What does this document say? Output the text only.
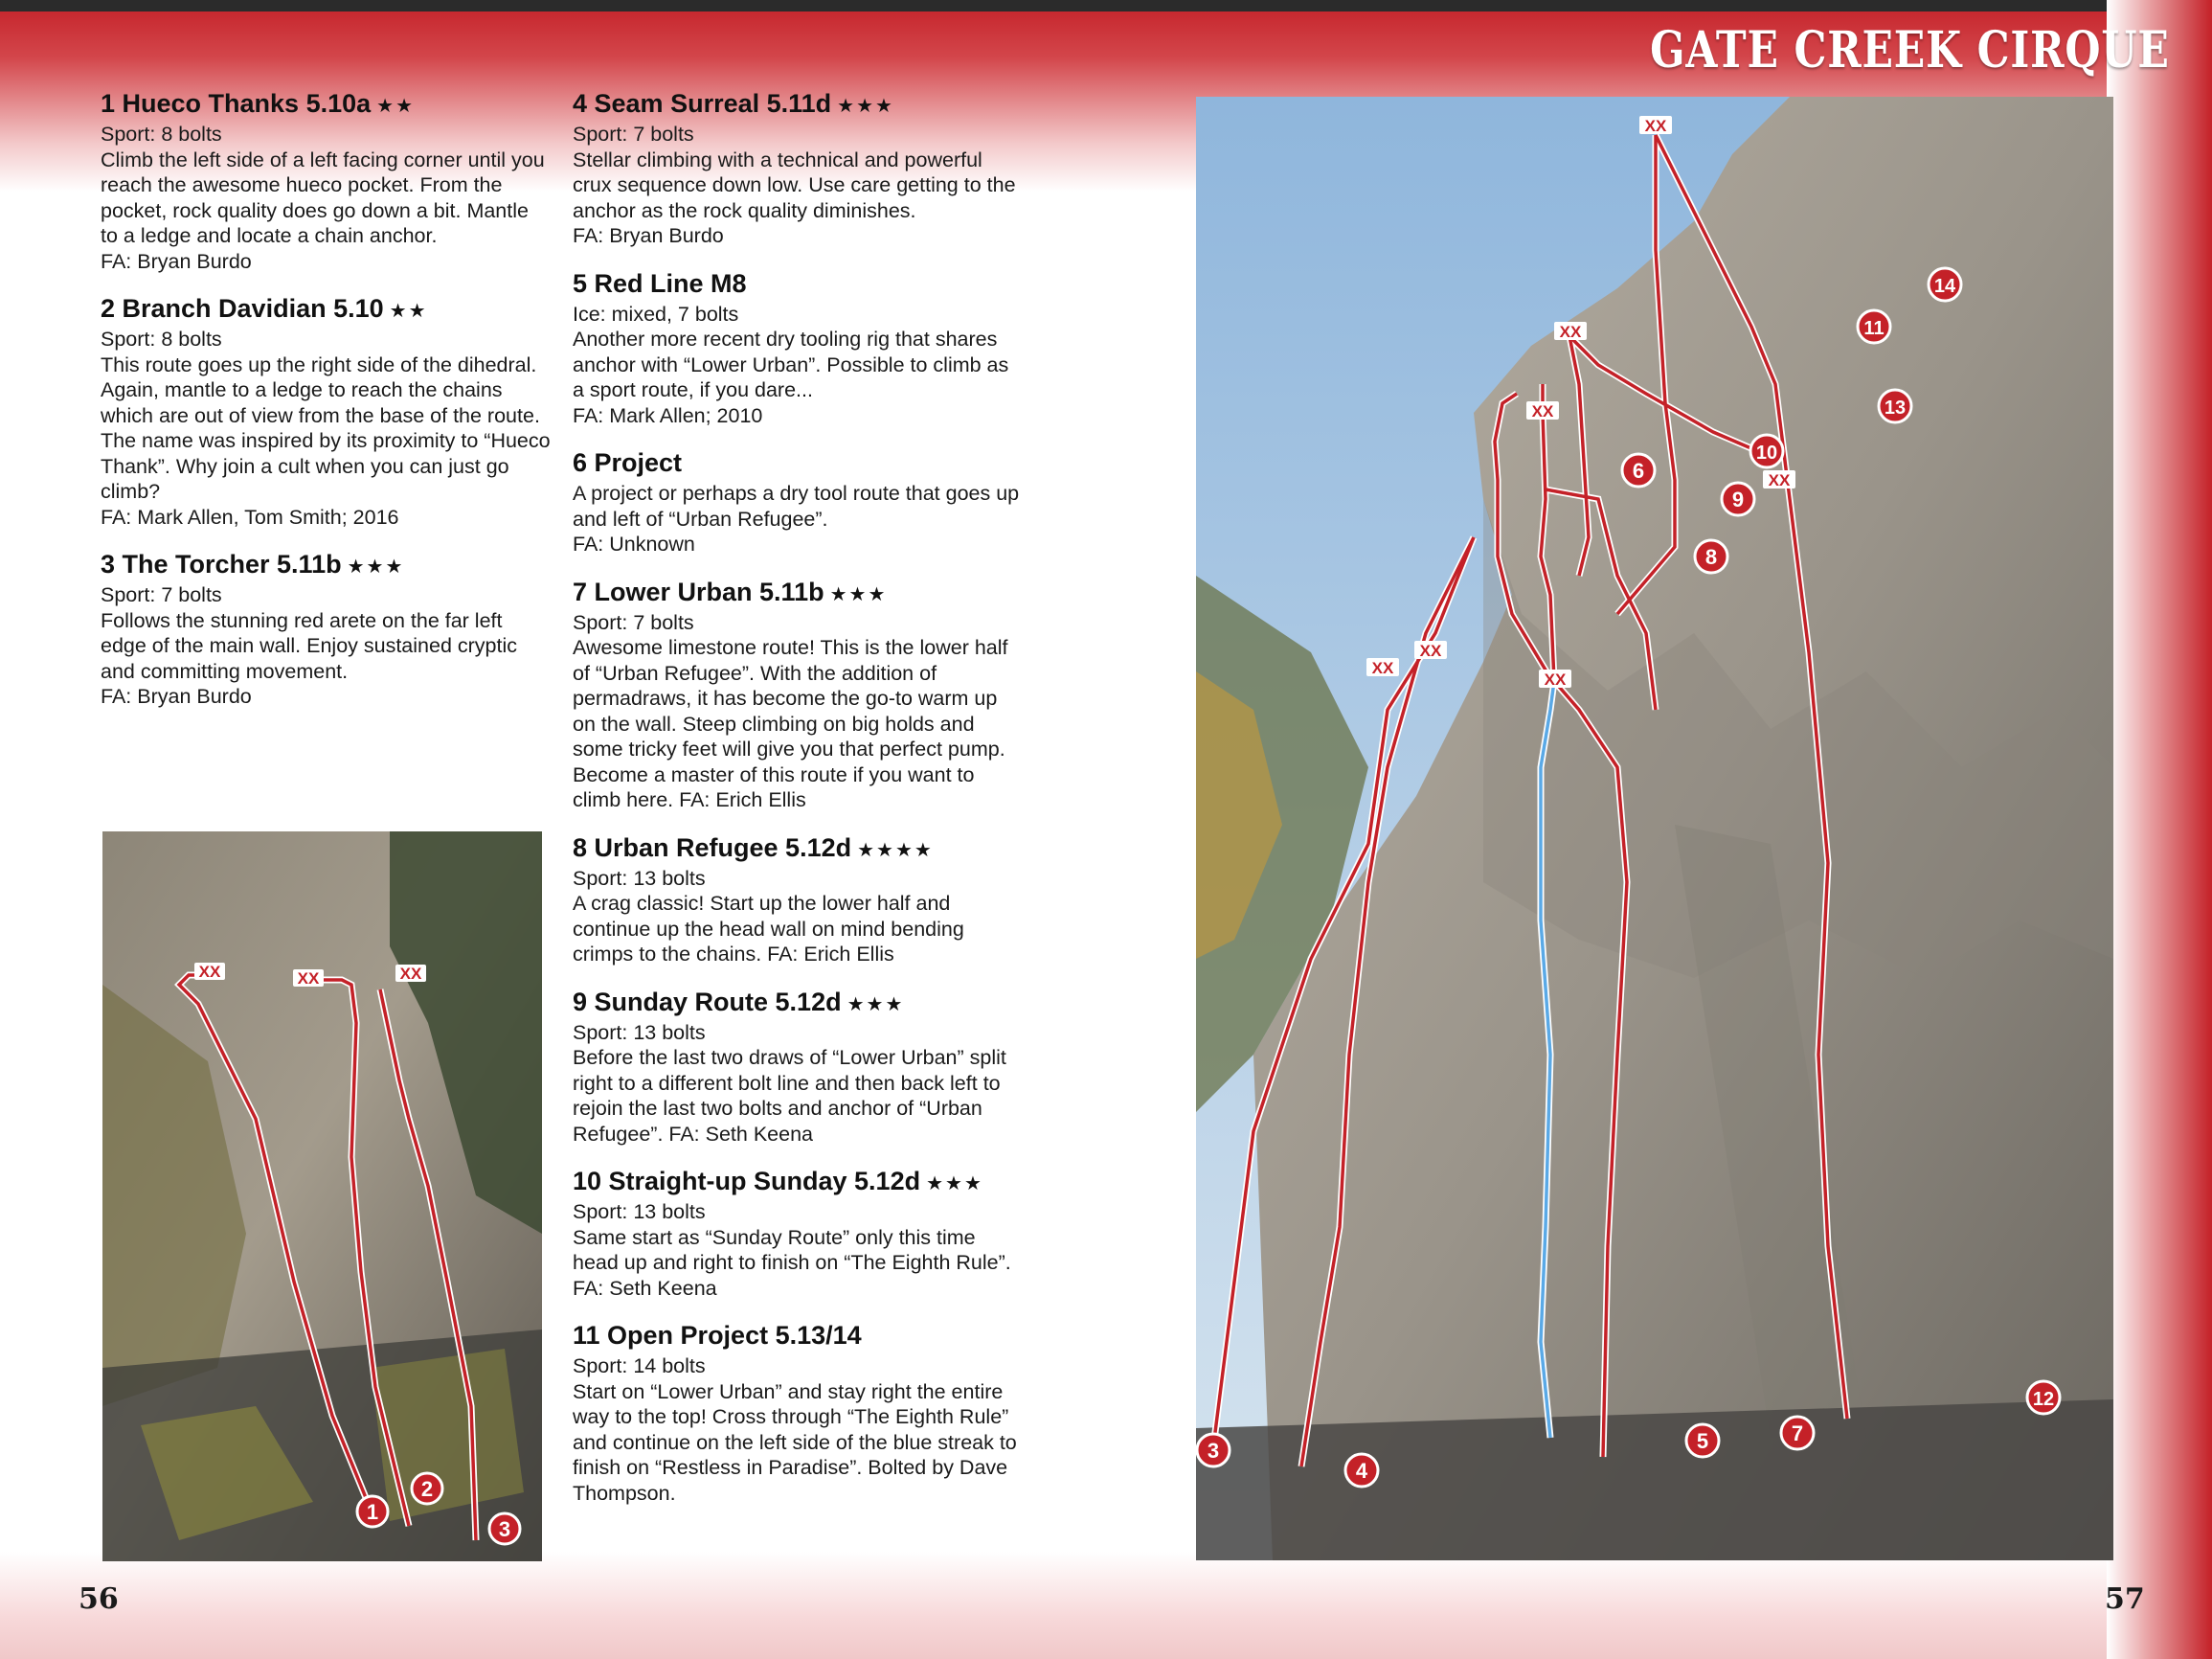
GATE CREEK CIRQUE
1 Hueco Thanks 5.10a ★★

Sport: 8 bolts

Climb the left side of a left facing corner until you reach the awesome hueco pocket. From the pocket, rock quality does go down a bit. Mantle to a ledge and locate a chain anchor.

FA: Bryan Burdo

2 Branch Davidian 5.10 ★★

Sport: 8 bolts

This route goes up the right side of the dihedral. Again, mantle to a ledge to reach the chains which are out of view from the base of the route. The name was inspired by its proximity to “Hueco Thank”. Why join a cult when you can just go climb?

FA: Mark Allen, Tom Smith; 2016

3 The Torcher 5.11b ★★★

Sport: 7 bolts

Follows the stunning red arete on the far left edge of the main wall. Enjoy sustained cryptic and committing movement.

FA: Bryan Burdo

4 Seam Surreal 5.11d ★★★

Sport: 7 bolts

Stellar climbing with a technical and powerful crux sequence down low. Use care getting to the anchor as the rock quality diminishes.

FA: Bryan Burdo

5 Red Line M8

Ice: mixed, 7 bolts

Another more recent dry tooling rig that shares anchor with “Lower Urban”. Possible to climb as a sport route, if you dare...

FA: Mark Allen; 2010

6 Project

A project or perhaps a dry tool route that goes up and left of “Urban Refugee”.

FA: Unknown

7 Lower Urban 5.11b ★★★

Sport: 7 bolts

Awesome limestone route! This is the lower half of “Urban Refugee”. With the addition of permadraws, it has become the go-to warm up on the wall. Steep climbing on big holds and some tricky feet will give you that perfect pump. Become a master of this route if you want to climb here. FA: Erich Ellis

8 Urban Refugee 5.12d ★★★★

Sport: 13 bolts

A crag classic! Start up the lower half and continue up the head wall on mind bending crimps to the chains. FA: Erich Ellis

9 Sunday Route 5.12d ★★★

Sport: 13 bolts

Before the last two draws of “Lower Urban” split right to a different bolt line and then back left to rejoin the last two bolts and anchor of “Urban Refugee”. FA: Seth Keena

10 Straight-up Sunday 5.12d ★★★

Sport: 13 bolts

Same start as “Sunday Route” only this time head up and right to finish on “The Eighth Rule”. FA: Seth Keena

11 Open Project 5.13/14

Sport: 14 bolts

Start on “Lower Urban” and stay right the entire way to the top! Cross through “The Eighth Rule” and continue on the left side of the blue streak to finish on “Restless in Paradise”. Bolted by Dave Thompson.

XX	XX	XX
1
2
3
56	57
XX
XX
XX
XX
XX
XX
XX
3
4
5
6
7
8
9
10
11
12
13
14
